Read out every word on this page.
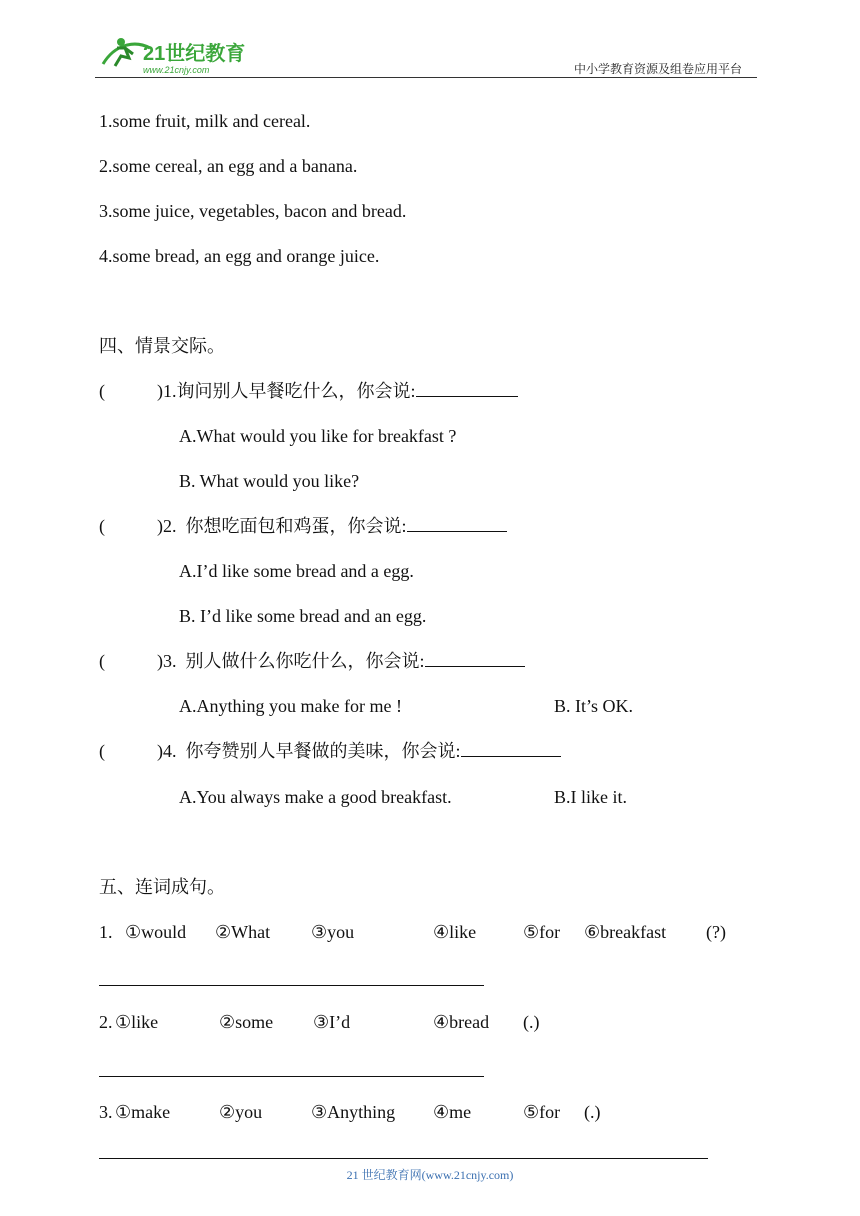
21世纪教育
www.21cnjy.com	中小学教育资源及组卷应用平台
1.some fruit, milk and cereal.
2.some cereal, an egg and a banana.
3.some juice, vegetables, bacon and bread.
4.some bread, an egg and orange juice.
四、情景交际。
(	)1.询问别人早餐吃什么，你会说:
A.What would you like for breakfast ?
B. What would you like?
(	)2.  你想吃面包和鸡蛋，你会说:
A.I’d like some bread and a egg.
B. I’d like some bread and an egg.
(	)3.  别人做什么你吃什么，你会说:
A.Anything you make for me !	B. It’s OK.
(	)4.  你夸赞别人早餐做的美味，你会说:
A.You always make a good breakfast.	B.I like it.
五、连词成句。
1. ①would ②What ③you	④like	⑤for ⑥breakfast (?)
2. ①like	②some ③I’d	④bread (.)
3. ①make	②you	③Anything ④me	⑤for (.)
21 世纪教育网(www.21cnjy.com)
